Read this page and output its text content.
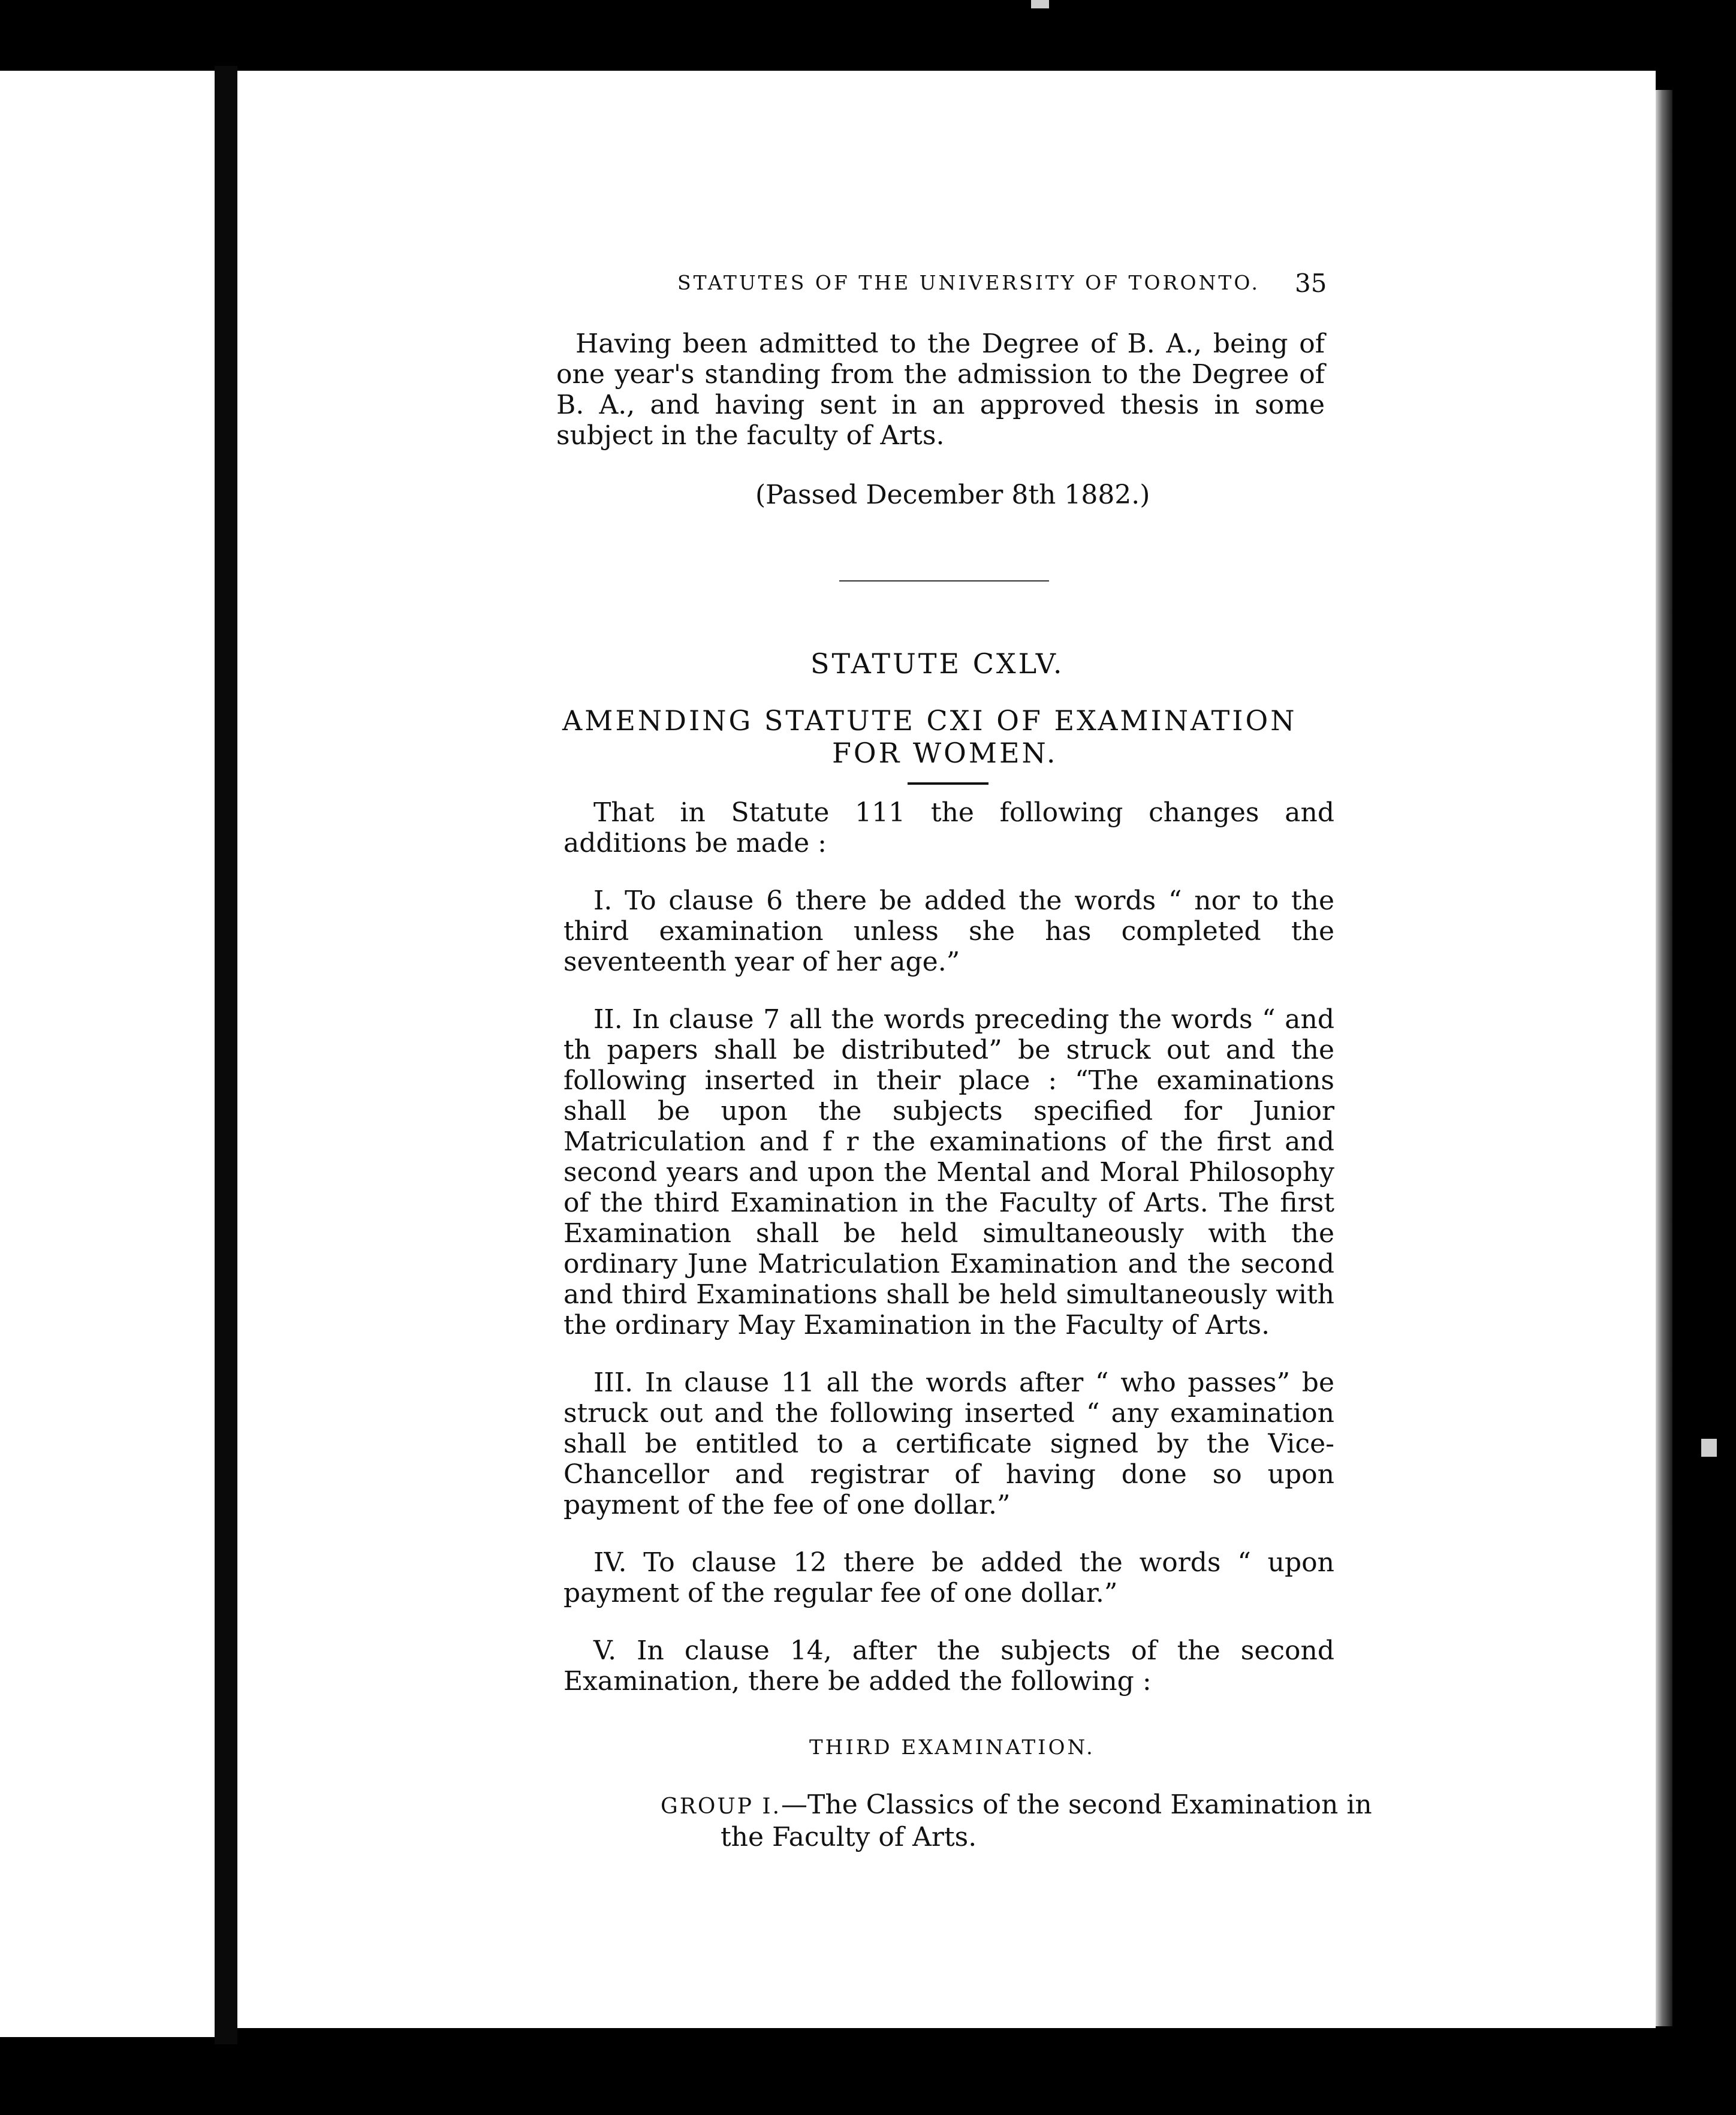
STATUTES OF THE UNIVERSITY OF TORONTO. 35

Having been admitted to the Degree of B. A., being of one year's standing from the admission to the Degree of B. A., and having sent in an approved thesis in some subject in the faculty of Arts.

(Passed December 8th 1882.)
STATUTE CXLV.
AMENDING STATUTE CXI OF EXAMINATION
FOR WOMEN.

That in Statute 111 the following changes and additions be made :

I. To clause 6 there be added the words “ nor to the third examination unless she has completed the seventeenth year of her age.”

II. In clause 7 all the words preceding the words “ and th papers shall be distributed” be struck out and the following inserted in their place : “The examinations shall be upon the subjects specified for Junior Matriculation and f r the examinations of the first and second years and upon the Mental and Moral Philosophy of the third Examination in the Faculty of Arts. The first Examination shall be held simultaneously with the ordinary June Matriculation Examination and the second and third Examinations shall be held simultaneously with the ordinary May Examination in the Faculty of Arts.

III. In clause 11 all the words after “ who passes” be struck out and the following inserted “ any examination shall be entitled to a certificate signed by the Vice-Chancellor and registrar of having done so upon payment of the fee of one dollar.”

IV. To clause 12 there be added the words “ upon payment of the regular fee of one dollar.”

V. In clause 14, after the subjects of the second Examination, there be added the following :

THIRD EXAMINATION.
GROUP I.—The Classics of the second Examination in the Faculty of Arts.
